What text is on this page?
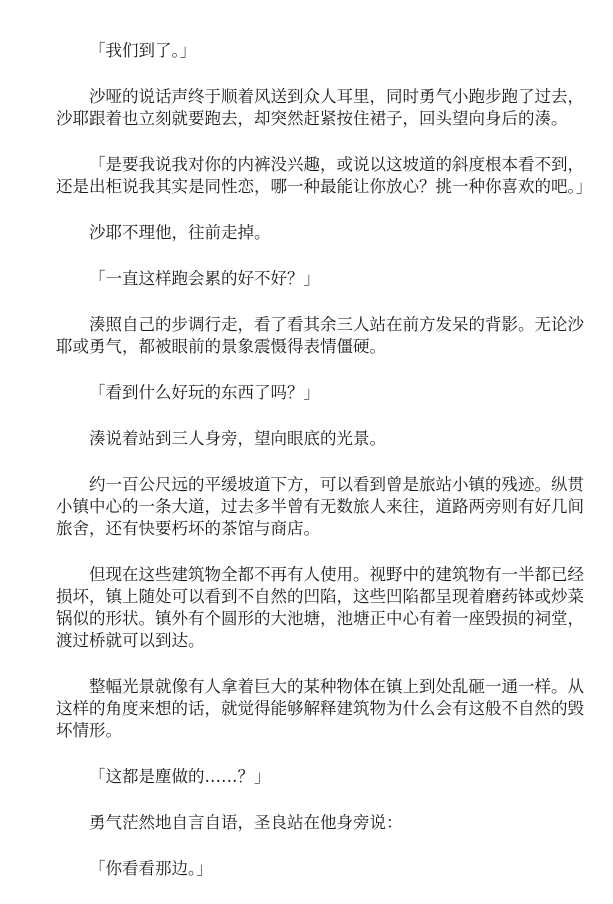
「我们到了。」

沙哑的说话声终于顺着风送到众人耳里，同时勇气小跑步跑了过去，沙耶跟着也立刻就要跑去，却突然赶紧按住裙子，回头望向身后的湊。

「是要我说我对你的内裤没兴趣，或说以这坡道的斜度根本看不到，还是出柜说我其实是同性恋，哪一种最能让你放心？挑一种你喜欢的吧。」

沙耶不理他，往前走掉。

「一直这样跑会累的好不好？」

湊照自己的步调行走，看了看其余三人站在前方发呆的背影。无论沙耶或勇气，都被眼前的景象震慑得表情僵硬。

「看到什么好玩的东西了吗？」

湊说着站到三人身旁，望向眼底的光景。

约一百公尺远的平缓坡道下方，可以看到曾是旅站小镇的残迹。纵贯小镇中心的一条大道，过去多半曾有无数旅人来往，道路两旁则有好几间旅舍，还有快要朽坏的茶馆与商店。

但现在这些建筑物全都不再有人使用。视野中的建筑物有一半都已经损坏，镇上随处可以看到不自然的凹陷，这些凹陷都呈现着磨药钵或炒菜锅似的形状。镇外有个圆形的大池塘，池塘正中心有着一座毁损的祠堂，渡过桥就可以到达。

整幅光景就像有人拿着巨大的某种物体在镇上到处乱砸一通一样。从这样的角度来想的话，就觉得能够解释建筑物为什么会有这般不自然的毁坏情形。

「这都是塵做的……？」

勇气茫然地自言自语，圣良站在他身旁说：

「你看看那边。」
